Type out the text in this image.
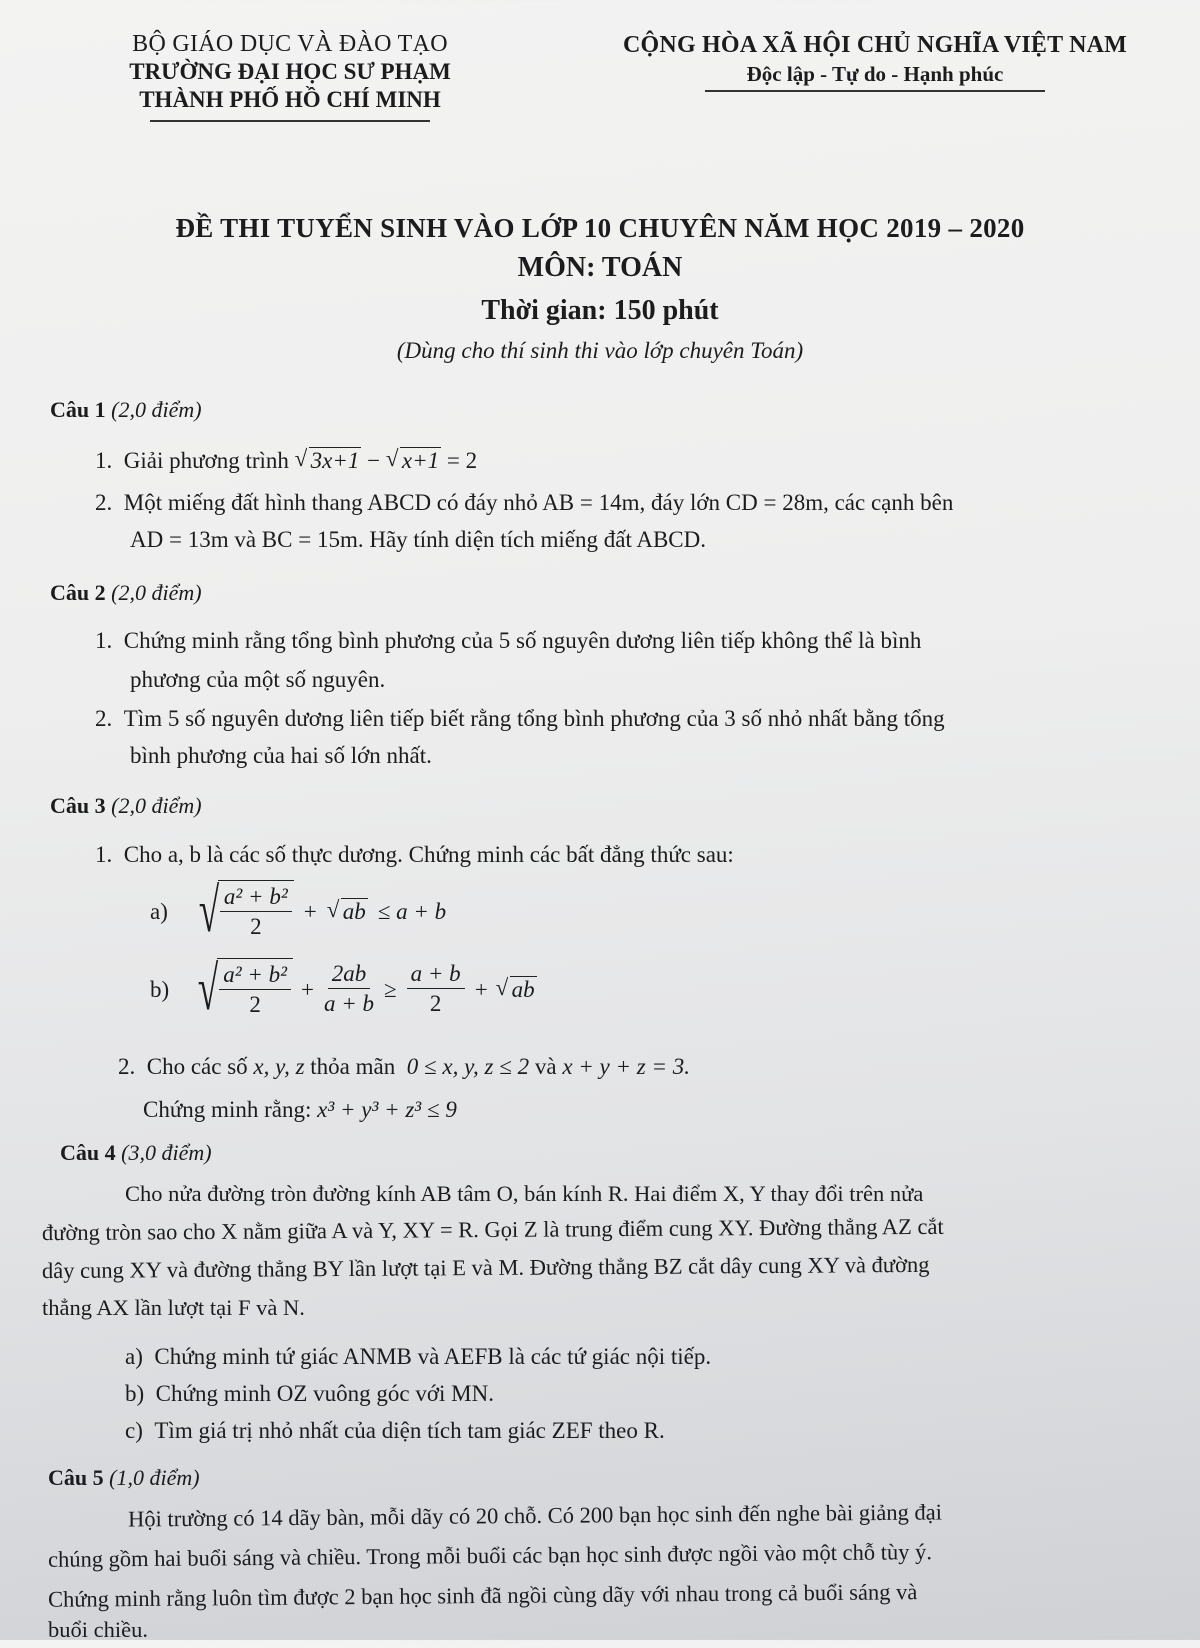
BỘ GIÁO DỤC VÀ ĐÀO TẠO
TRƯỜNG ĐẠI HỌC SƯ PHẠM
THÀNH PHỐ HỒ CHÍ MINH
CỘNG HÒA XÃ HỘI CHỦ NGHĨA VIỆT NAM
Độc lập - Tự do - Hạnh phúc
ĐỀ THI TUYỂN SINH VÀO LỚP 10 CHUYÊN NĂM HỌC 2019 – 2020
MÔN: TOÁN
Thời gian: 150 phút
(Dùng cho thí sinh thi vào lớp chuyên Toán)
Câu 1 (2,0 điểm)
1. Giải phương trình √ 3x+1 − √ x+1 = 2
2. Một miếng đất hình thang ABCD có đáy nhỏ AB = 14m, đáy lớn CD = 28m, các cạnh bên
AD = 13m và BC = 15m. Hãy tính diện tích miếng đất ABCD.
Câu 2 (2,0 điểm)
1. Chứng minh rằng tổng bình phương của 5 số nguyên dương liên tiếp không thể là bình
phương của một số nguyên.
2. Tìm 5 số nguyên dương liên tiếp biết rằng tổng bình phương của 3 số nhỏ nhất bằng tổng
bình phương của hai số lớn nhất.
Câu 3 (2,0 điểm)
1. Cho a, b là các số thực dương. Chứng minh các bất đẳng thức sau:
a) √ $\frac{\text{a² + b²}}{2}$ +	√ ab ≤ a + b
b) √ $\frac{\text{a² + b²}}{2} + \frac{2ab}{a + b} \ge \frac{a + b}{2}$ +	√ ab
2. Cho các số x, y, z thỏa mãn 0 ≤ x, y, z ≤ 2 và x + y + z = 3.
Chứng minh rằng: x³ + y³ + z³ ≤ 9
Câu 4 (3,0 điểm)
Cho nửa đường tròn đường kính AB tâm O, bán kính R. Hai điểm X, Y thay đổi trên nửa
đường tròn sao cho X nằm giữa A và Y, XY = R. Gọi Z là trung điểm cung XY. Đường thẳng AZ cắt
dây cung XY và đường thẳng BY lần lượt tại E và M. Đường thẳng BZ cắt dây cung XY và đường
thẳng AX lần lượt tại F và N.
a) Chứng minh tứ giác ANMB và AEFB là các tứ giác nội tiếp.
b) Chứng minh OZ vuông góc với MN.
c) Tìm giá trị nhỏ nhất của diện tích tam giác ZEF theo R.
Câu 5 (1,0 điểm)
Hội trường có 14 dãy bàn, mỗi dãy có 20 chỗ. Có 200 bạn học sinh đến nghe bài giảng đại
chúng gồm hai buổi sáng và chiều. Trong mỗi buổi các bạn học sinh được ngồi vào một chỗ tùy ý.
Chứng minh rằng luôn tìm được 2 bạn học sinh đã ngồi cùng dãy với nhau trong cả buổi sáng và
buổi chiều.
